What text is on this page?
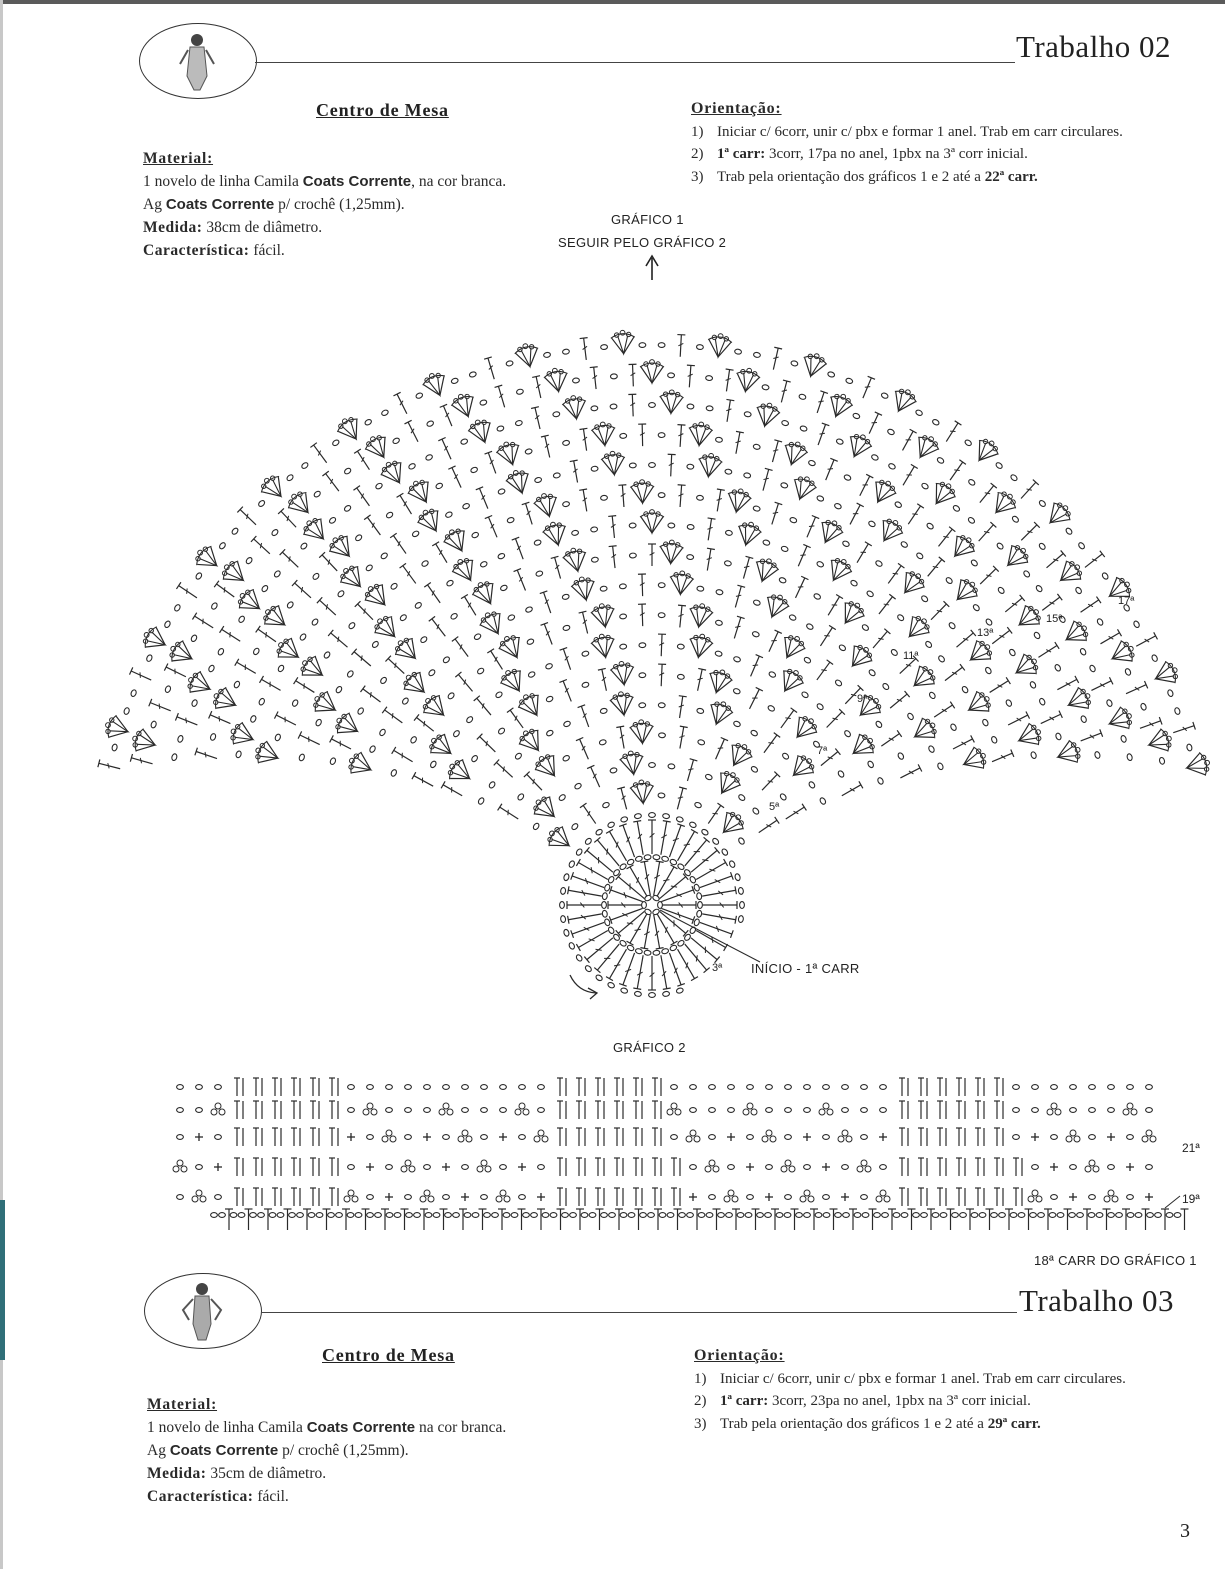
Trabalho 02
Centro de Mesa
Material:
1 novelo de linha Camila Coats Corrente, na cor branca.
Ag Coats Corrente p/ crochê (1,25mm).
Medida: 38cm de diâmetro.
Característica: fácil.
Orientação:
1) Iniciar c/ 6corr, unir c/ pbx e formar 1 anel. Trab em carr circulares.
2) 1ª carr: 3corr, 17pa no anel, 1pbx na 3ª corr inicial.
3) Trab pela orientação dos gráficos 1 e 2 até a 22ª carr.
GRÁFICO 1
SEGUIR PELO GRÁFICO 2
INÍCIO - 1ª CARR
3ª
5ª
7ª
9ª
11ª
13ª
15ª
17ª
GRÁFICO 2
21ª
19ª
18ª CARR DO GRÁFICO 1
Trabalho 03
Centro de Mesa
Material:
1 novelo de linha Camila Coats Corrente na cor branca.
Ag Coats Corrente p/ crochê (1,25mm).
Medida: 35cm de diâmetro.
Característica: fácil.
Orientação:
1) Iniciar c/ 6corr, unir c/ pbx e formar 1 anel. Trab em carr circulares.
2) 1ª carr: 3corr, 23pa no anel, 1pbx na 3ª corr inicial.
3) Trab pela orientação dos gráficos 1 e 2 até a 29ª carr.
3
